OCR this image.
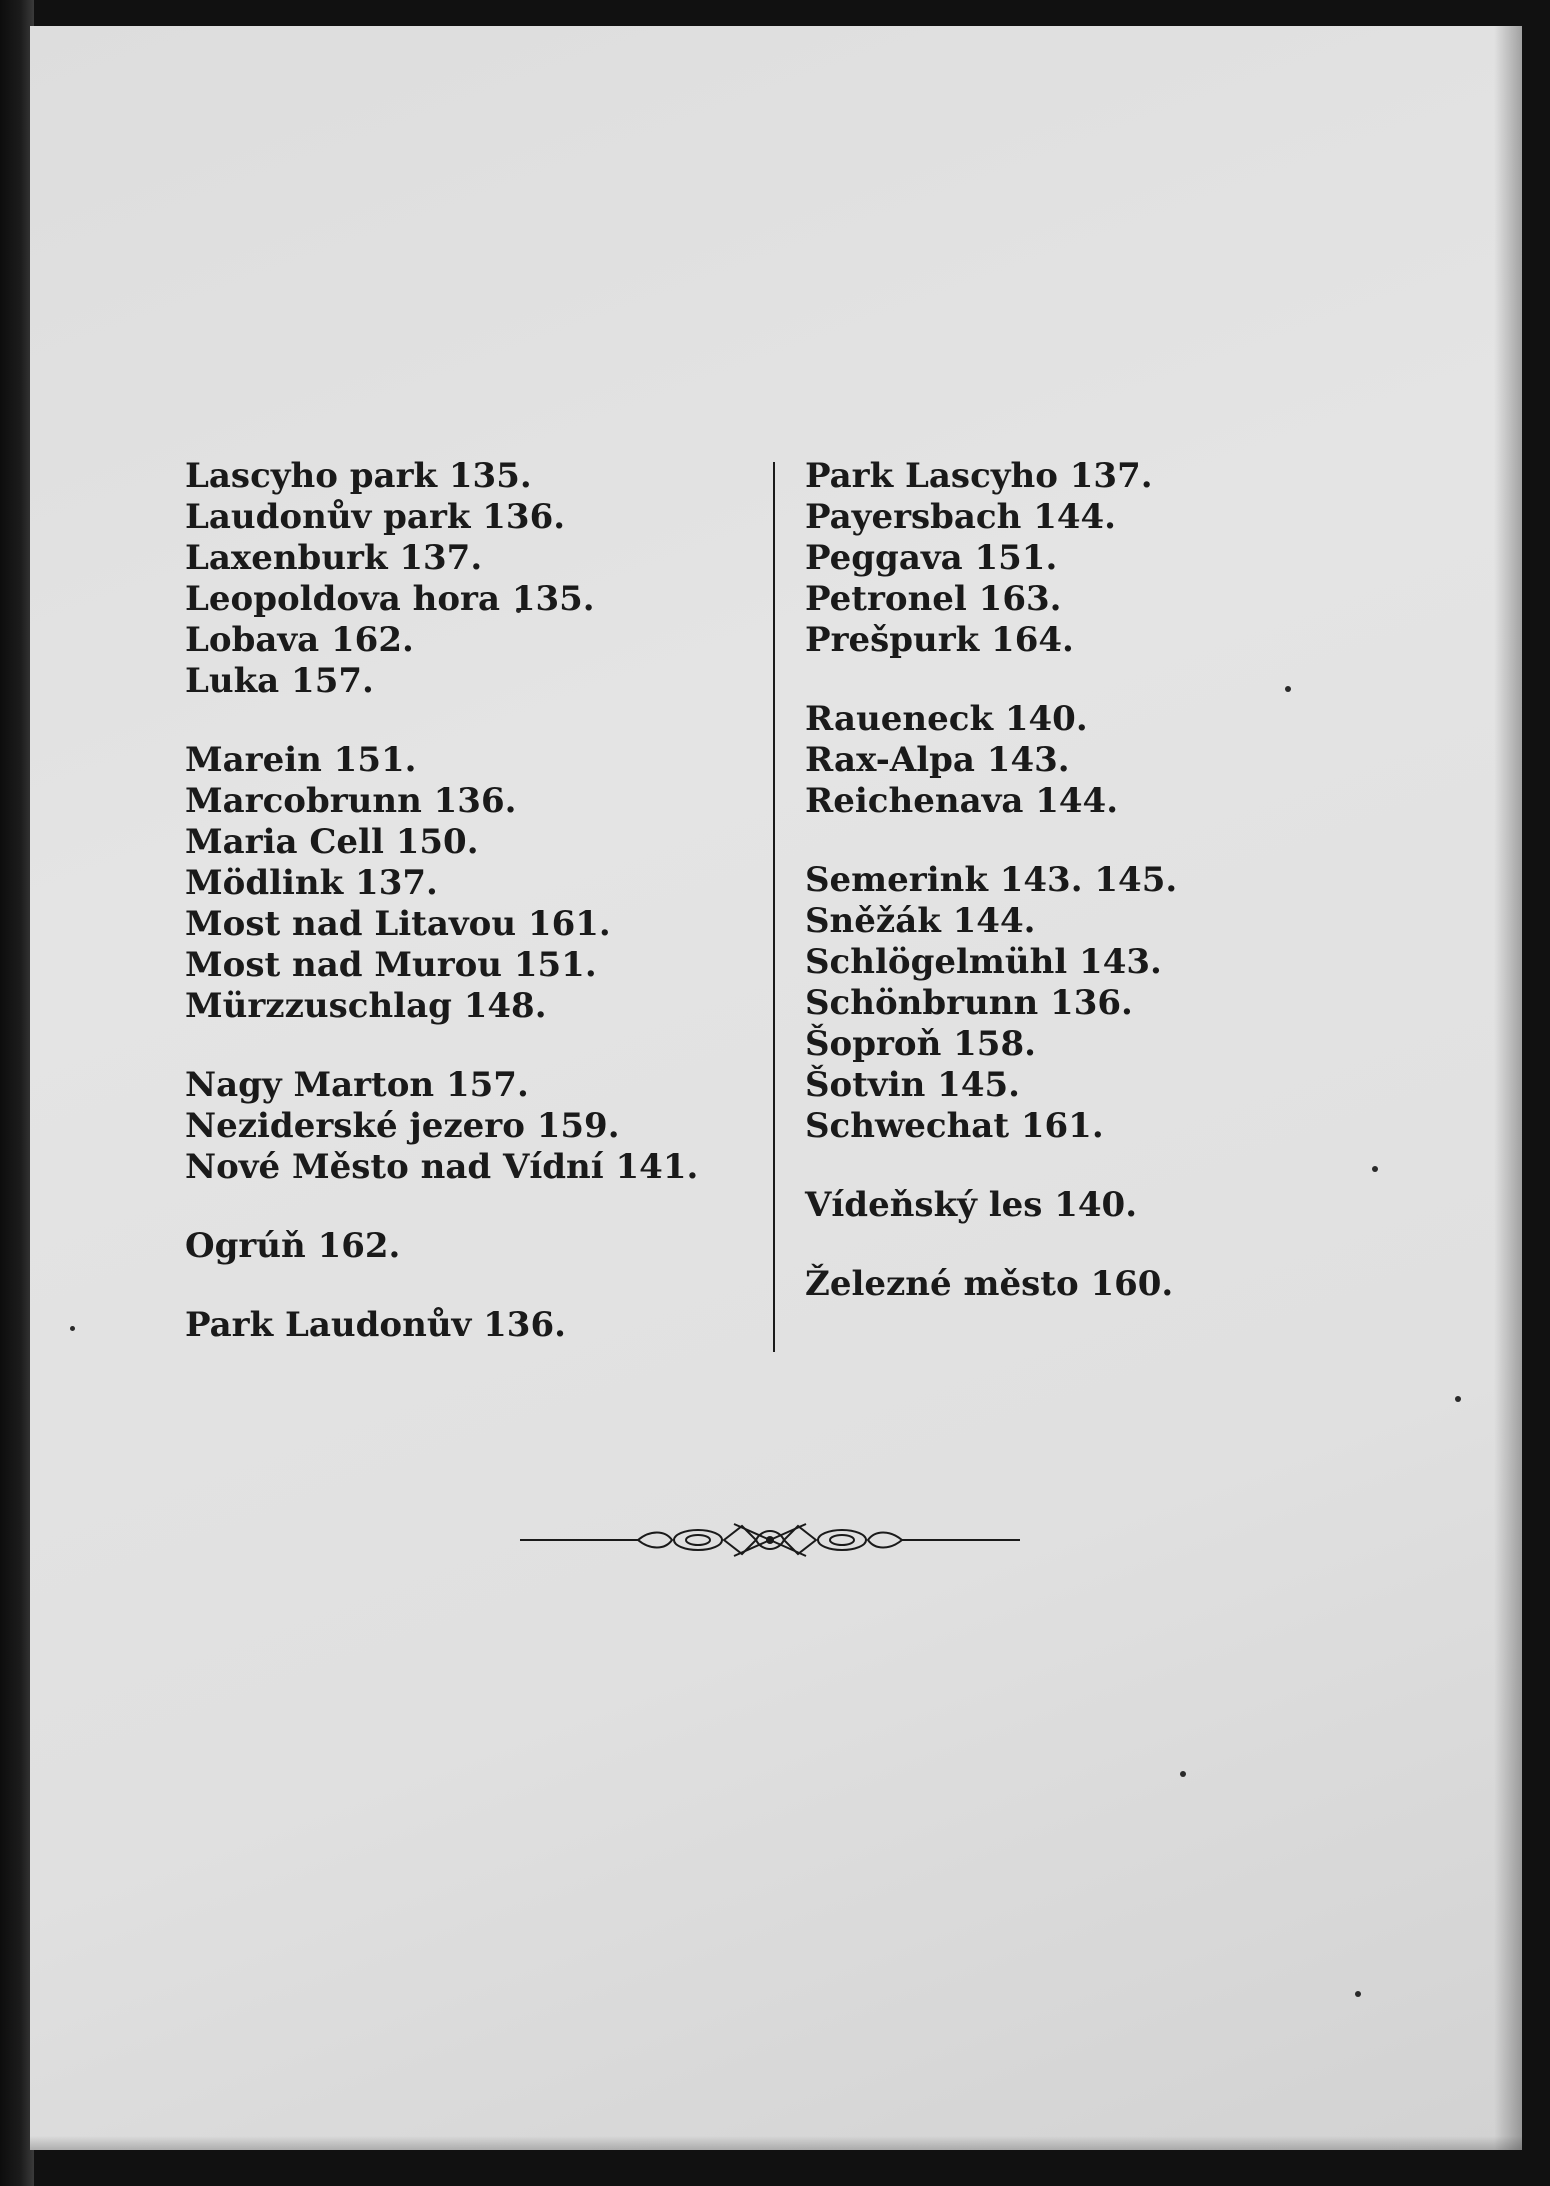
Lascyho park 135.
Laudonův park 136.
Laxenburk 137.
Leopoldova hora 135.
Lobava 162.
Luka 157.
Marein 151.
Marcobrunn 136.
Maria Cell 150.
Mödlink 137.
Most nad Litavou 161.
Most nad Murou 151.
Mürzzuschlag 148.
Nagy Marton 157.
Neziderské jezero 159.
Nové Město nad Vídní 141.
Ogrúň 162.
Park Laudonův 136.
Park Lascyho 137.
Payersbach 144.
Peggava 151.
Petronel 163.
Prešpurk 164.
Raueneck 140.
Rax-Alpa 143.
Reichenava 144.
Semerink 143. 145.
Sněžák 144.
Schlögelmühl 143.
Schönbrunn 136.
Šoproň 158.
Šotvin 145.
Schwechat 161.
Vídeňský les 140.
Železné město 160.
